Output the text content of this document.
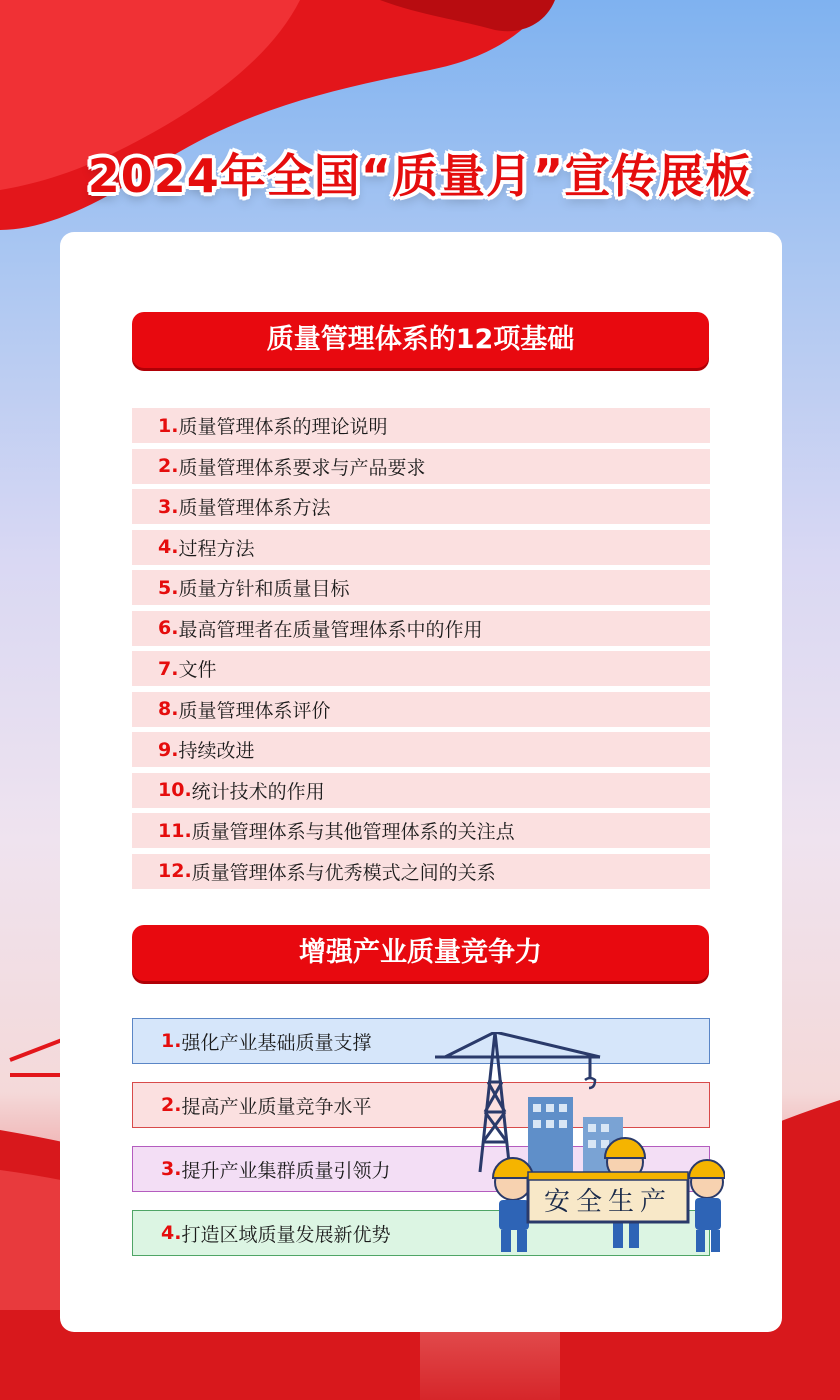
2024年全国“质量月”宣传展板
质量管理体系的12项基础
1. 质量管理体系的理论说明
2. 质量管理体系要求与产品要求
3. 质量管理体系方法
4. 过程方法
5. 质量方针和质量目标
6. 最高管理者在质量管理体系中的作用
7. 文件
8. 质量管理体系评价
9. 持续改进
10. 统计技术的作用
11. 质量管理体系与其他管理体系的关注点
12. 质量管理体系与优秀模式之间的关系
增强产业质量竞争力
1. 强化产业基础质量支撑
2. 提高产业质量竞争水平
3. 提升产业集群质量引领力
4. 打造区域质量发展新优势
安全生产
